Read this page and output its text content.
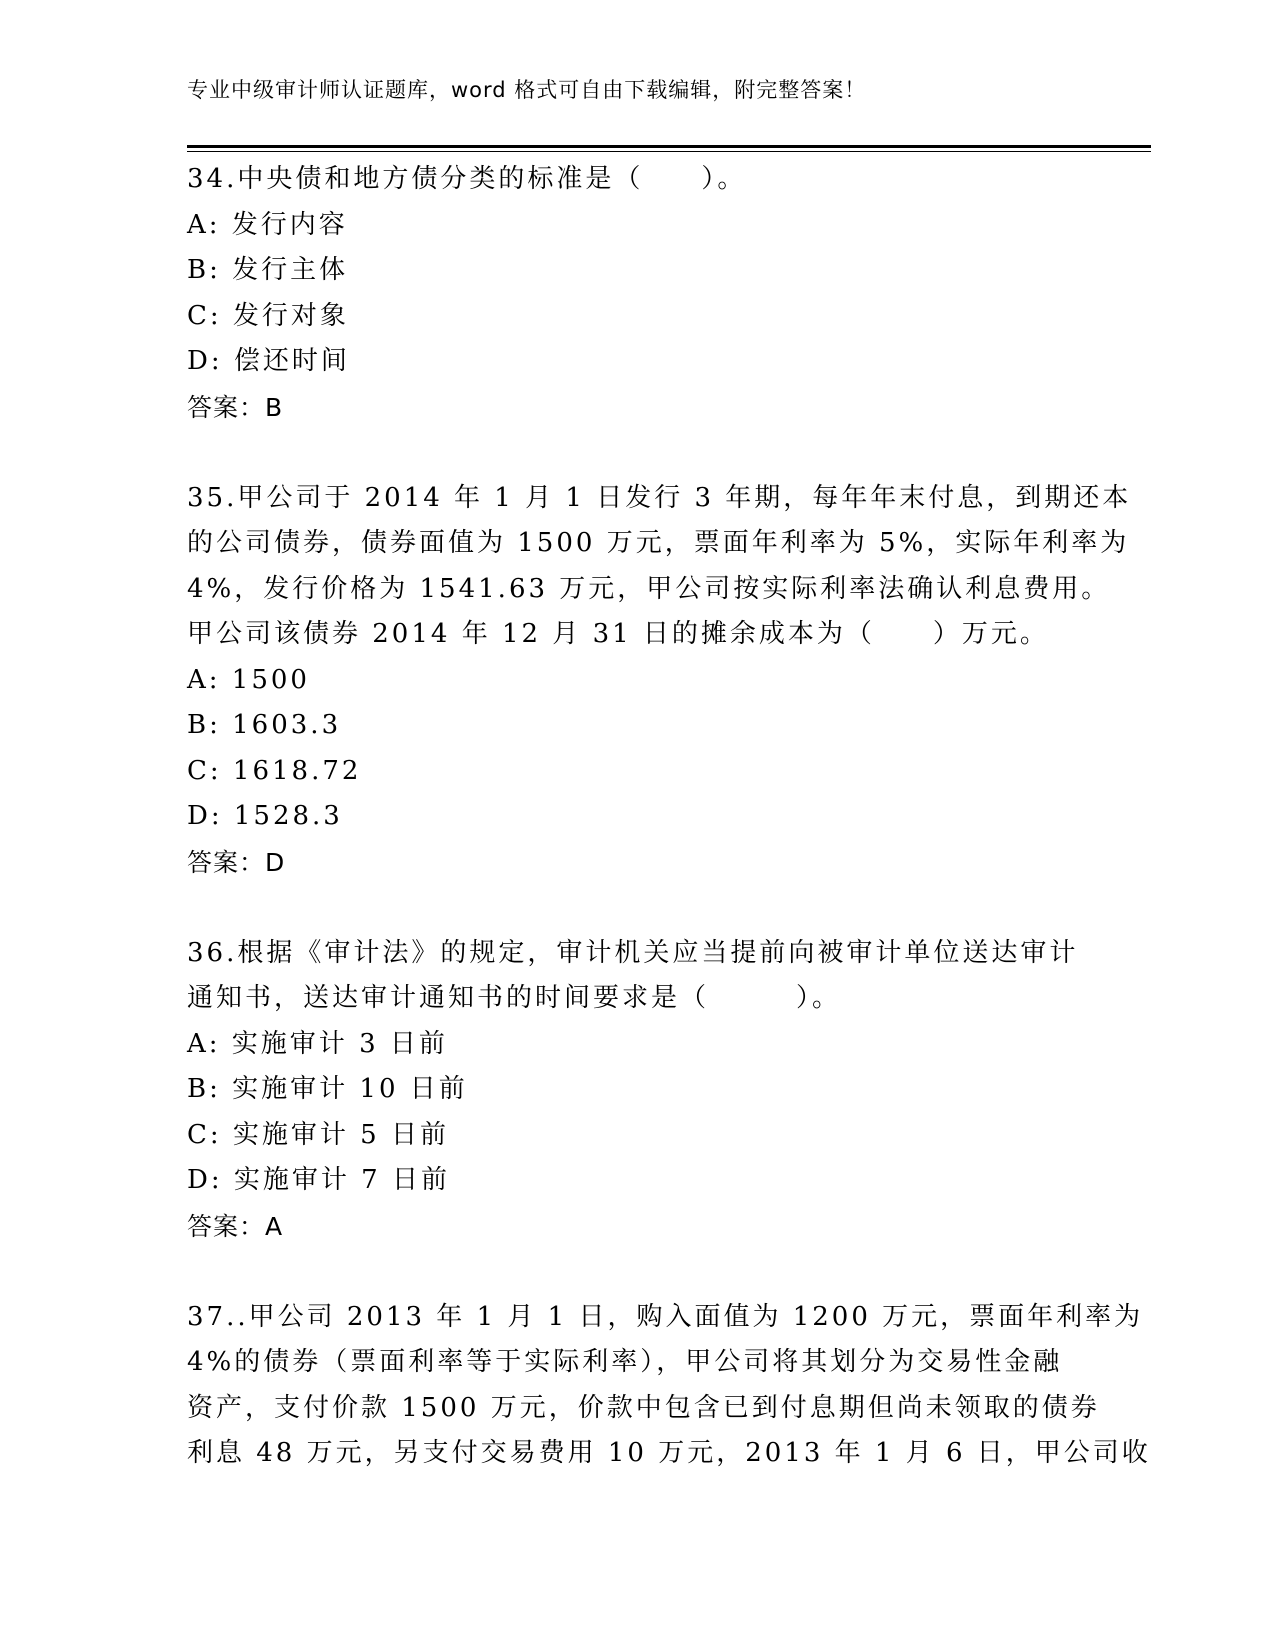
专业中级审计师认证题库，word 格式可自由下载编辑，附完整答案！
34.中央债和地方债分类的标准是（　　）。
A: 发行内容
B: 发行主体
C: 发行对象
D: 偿还时间
答案：B
35.甲公司于 2014 年 1 月 1 日发行 3 年期，每年年末付息，到期还本
的公司债券，债券面值为 1500 万元，票面年利率为 5%，实际年利率为
4%，发行价格为 1541.63 万元，甲公司按实际利率法确认利息费用。
甲公司该债券 2014 年 12 月 31 日的摊余成本为（　　）万元。
A: 1500
B: 1603.3
C: 1618.72
D: 1528.3
答案：D
36.根据《审计法》的规定，审计机关应当提前向被审计单位送达审计
通知书，送达审计通知书的时间要求是（　　　）。
A: 实施审计 3 日前
B: 实施审计 10 日前
C: 实施审计 5 日前
D: 实施审计 7 日前
答案：A
37..甲公司 2013 年 1 月 1 日，购入面值为 1200 万元，票面年利率为
4%的债券（票面利率等于实际利率），甲公司将其划分为交易性金融
资产，支付价款 1500 万元，价款中包含已到付息期但尚未领取的债券
利息 48 万元，另支付交易费用 10 万元，2013 年 1 月 6 日，甲公司收
